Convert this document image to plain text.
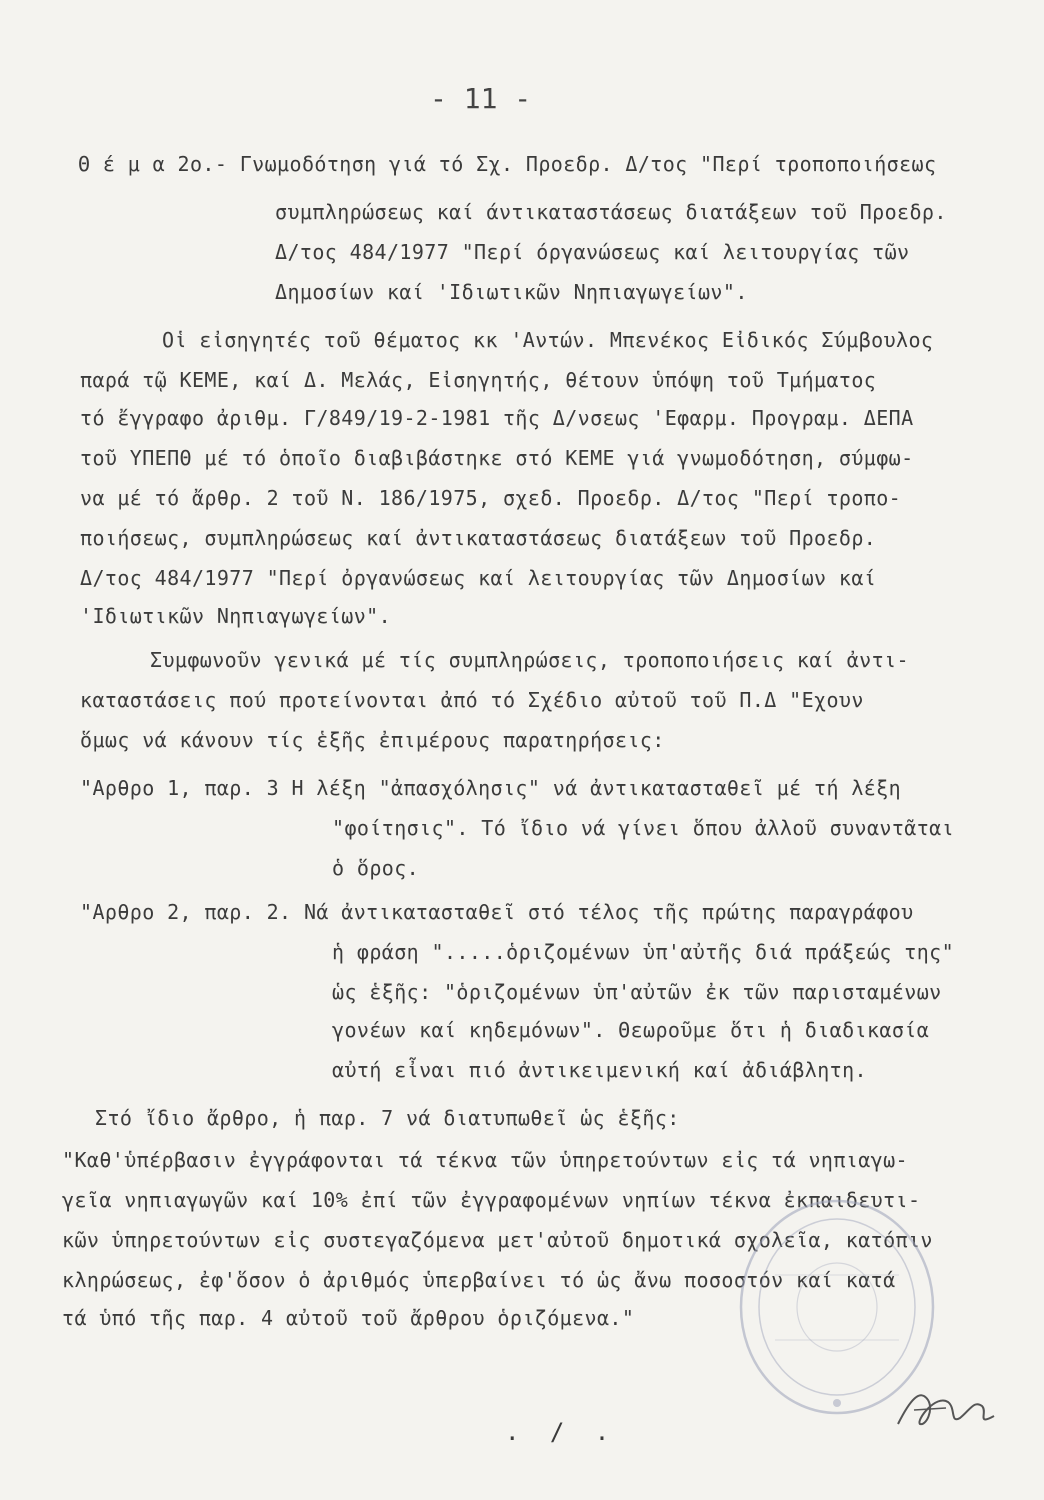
- 11 -
Θ έ μ α 2ο.- Γνωμοδότηση γιά τό Σχ. Προεδρ. Δ/τος "Περί τροποποιήσεως
συμπληρώσεως καί άντικαταστάσεως διατάξεων τοῦ Προεδρ.
Δ/τος 484/1977 "Περί όργανώσεως καί λειτουργίας τῶν
Δημοσίων καί 'Ιδιωτικῶν Νηπιαγωγείων".
Οἱ εἰσηγητές τοῦ θέματος κκ 'Αντών. Μπενέκος Εἰδικός Σύμβουλος
παρά τῷ ΚΕΜΕ, καί Δ. Μελάς, Εἰσηγητής, θέτουν ὑπόψη τοῦ Τμήματος
τό ἔγγραφο ἀριθμ. Γ/849/19-2-1981 τῆς Δ/νσεως 'Εφαρμ. Προγραμ. ΔΕΠΑ
τοῦ ΥΠΕΠΘ μέ τό ὁποῖο διαβιβάστηκε στό ΚΕΜΕ γιά γνωμοδότηση, σύμφω-
να μέ τό ἄρθρ. 2 τοῦ Ν. 186/1975, σχεδ. Προεδρ. Δ/τος "Περί τροπο-
ποιήσεως, συμπληρώσεως καί ἀντικαταστάσεως διατάξεων τοῦ Προεδρ.
Δ/τος 484/1977 "Περί ὀργανώσεως καί λειτουργίας τῶν Δημοσίων καί
'Ιδιωτικῶν Νηπιαγωγείων".
Συμφωνοῦν γενικά μέ τίς συμπληρώσεις, τροποποιήσεις καί ἀντι-
καταστάσεις πού προτείνονται ἀπό τό Σχέδιο αὐτοῦ τοῦ Π.Δ "Εχουν
ὅμως νά κάνουν τίς ἑξῆς ἐπιμέρους παρατηρήσεις:
"Αρθρο 1, παρ. 3 Η λέξη "ἀπασχόλησις" νά ἀντικατασταθεῖ μέ τή λέξη
"φοίτησις". Τό ἴδιο νά γίνει ὅπου ἀλλοῦ συναντᾶται
ὁ ὅρος.
"Αρθρο 2, παρ. 2. Νά ἀντικατασταθεῖ στό τέλος τῆς πρώτης παραγράφου
ἡ φράση ".....ὁριζομένων ὑπ'αὐτῆς διά πράξεώς της"
ὡς ἑξῆς: "ὁριζομένων ὑπ'αὐτῶν ἐκ τῶν παρισταμένων
γονέων καί κηδεμόνων". Θεωροῦμε ὅτι ἡ διαδικασία
αὐτή εἶναι πιό ἀντικειμενική καί ἀδιάβλητη.
Στό ἴδιο ἄρθρο, ἡ παρ. 7 νά διατυπωθεῖ ὡς ἑξῆς:
"Καθ'ὑπέρβασιν ἐγγράφονται τά τέκνα τῶν ὑπηρετούντων εἰς τά νηπιαγω-
γεῖα νηπιαγωγῶν καί 10% ἐπί τῶν ἐγγραφομένων νηπίων τέκνα ἐκπαιδευτι-
κῶν ὑπηρετούντων εἰς συστεγαζόμενα μετ'αὐτοῦ δημοτικά σχολεῖα, κατόπιν
κληρώσεως, ἐφ'ὅσον ὁ ἀριθμός ὑπερβαίνει τό ὡς ἄνω ποσοστόν καί κατά
τά ὑπό τῆς παρ. 4 αὐτοῦ τοῦ ἄρθρου ὁριζόμενα."
. / .
